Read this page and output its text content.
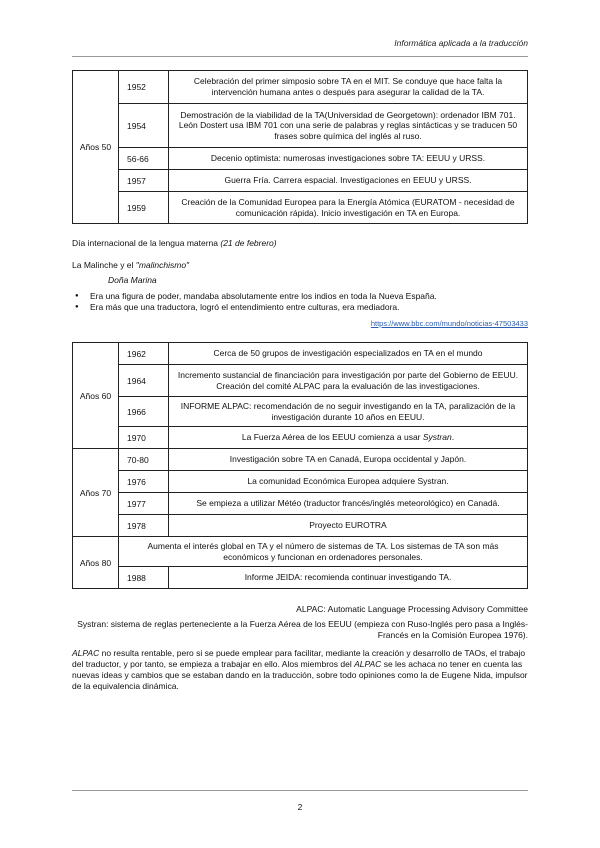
Informática aplicada a la traducción
Años 50	1952	Celebración del primer simposio sobre TA en el MIT. Se conduye que hace falta la intervención humana antes o después para asegurar la calidad de la TA.
	1954	Demostración de la viabilidad de la TA(Universidad de Georgetown): ordenador IBM 701. León Dostert usa IBM 701 con una serie de palabras y reglas sintácticas y se traducen 50 frases sobre química del inglés al ruso.
	56-66	Decenio optimista: numerosas investigaciones sobre TA: EEUU y URSS.
	1957	Guerra Fría. Carrera espacial. Investigaciones en EEUU y URSS.
	1959	Creación de la Comunidad Europea para la Energía Atómica (EURATOM - necesidad de comunicación rápida). Inicio investigación en TA en Europa.
Día internacional de la lengua materna (21 de febrero)
La Malinche y el "malinchismo"
Doña Marina
● Era una figura de poder, mandaba absolutamente entre los indios en toda la Nueva España.
● Era más que una traductora, logró el entendimiento entre culturas, era mediadora.
https://www.bbc.com/mundo/noticias-47503433
Años 60	1962	Cerca de 50 grupos de investigación especializados en TA en el mundo
	1964	Incremento sustancial de financiación para investigación por parte del Gobierno de EEUU. Creación del comité ALPAC para la evaluación de las investigaciones.
	1966	INFORME ALPAC: recomendación de no seguir investigando en la TA, paralización de la investigación durante 10 años en EEUU.
	1970	La Fuerza Aérea de los EEUU comienza a usar Systran.
Años 70	70-80	Investigación sobre TA en Canadá, Europa occidental y Japón.
	1976	La comunidad Económica Europea adquiere Systran.
	1977	Se empieza a utilizar Météo (traductor francés/inglés meteorológico) en Canadá.
	1978	Proyecto EUROTRA
Años 80	Aumenta el interés global en TA y el número de sistemas de TA. Los sistemas de TA son más económicos y funcionan en ordenadores personales.	
	1988	Informe JEIDA: recomienda continuar investigando TA.
ALPAC: Automatic Language Processing Advisory Committee
Systran: sistema de reglas perteneciente a la Fuerza Aérea de los EEUU (empieza con Ruso-Inglés pero pasa a Inglés-Francés en la Comisión Europea 1976).
ALPAC no resulta rentable, pero si se puede emplear para facilitar, mediante la creación y desarrollo de TAOs, el trabajo del traductor, y por tanto, se empieza a trabajar en ello. Alos miembros del ALPAC se les achaca no tener en cuenta las nuevas ideas y cambios que se estaban dando en la traducción, sobre todo opiniones como la de Eugene Nida, impulsor de la equivalencia dinámica.
2
